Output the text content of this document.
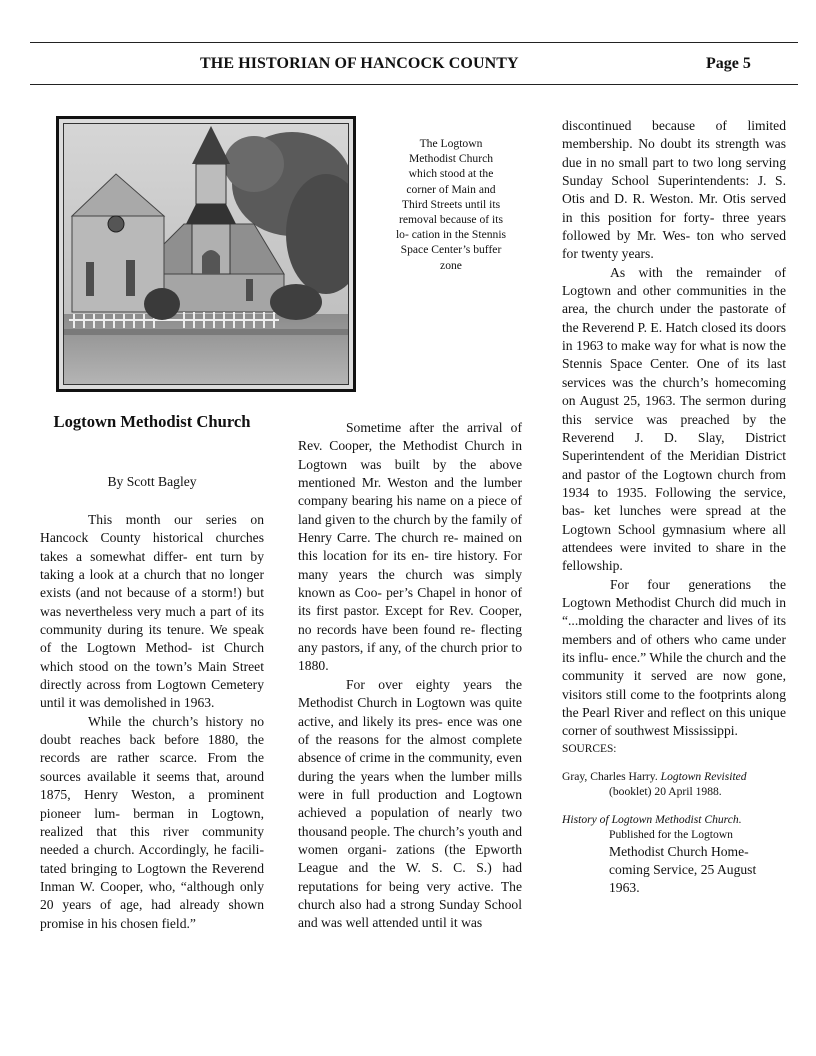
THE HISTORIAN OF HANCOCK COUNTY	Page 5
The Logtown Methodist Church which stood at the corner of Main and Third Streets until its removal because of its lo- cation in the Stennis Space Center’s buffer zone
Logtown Methodist Church
By Scott Bagley

This month our series on Hancock County historical churches takes a somewhat differ- ent turn by taking a look at a church that no longer exists (and not because of a storm!) but was nevertheless very much a part of its community during its tenure. We speak of the Logtown Method- ist Church which stood on the town’s Main Street directly across from Logtown Cemetery until it was demolished in 1963.

While the church’s history no doubt reaches back before 1880, the records are rather scarce. From the sources available it seems that, around 1875, Henry Weston, a prominent pioneer lum- berman in Logtown, realized that this river community needed a church. Accordingly, he facili- tated bringing to Logtown the Reverend Inman W. Cooper, who, “although only 20 years of age, had already shown promise in his chosen field.”

Sometime after the arrival of Rev. Cooper, the Methodist Church in Logtown was built by the above mentioned Mr. Weston and the lumber company bearing his name on a piece of land given to the church by the family of Henry Carre. The church re- mained on this location for its en- tire history. For many years the church was simply known as Coo- per’s Chapel in honor of its first pastor. Except for Rev. Cooper, no records have been found re- flecting any pastors, if any, of the church prior to 1880.

For over eighty years the Methodist Church in Logtown was quite active, and likely its pres- ence was one of the reasons for the almost complete absence of crime in the community, even during the years when the lumber mills were in full production and Logtown achieved a population of nearly two thousand people. The church’s youth and women organi- zations (the Epworth League and the W. S. C. S.) had reputations for being very active. The church also had a strong Sunday School and was well attended until it was

discontinued because of limited membership. No doubt its strength was due in no small part to two long serving Sunday School Superintendents: J. S. Otis and D. R. Weston. Mr. Otis served in this position for forty- three years followed by Mr. Wes- ton who served for twenty years.

As with the remainder of Logtown and other communities in the area, the church under the pastorate of the Reverend P. E. Hatch closed its doors in 1963 to make way for what is now the Stennis Space Center. One of its last services was the church’s homecoming on August 25, 1963. The sermon during this service was preached by the Reverend J. D. Slay, District Superintendent of the Meridian District and pastor of the Logtown church from 1934 to 1935. Following the service, bas- ket lunches were spread at the Logtown School gymnasium where all attendees were invited to share in the fellowship.

For four generations the Logtown Methodist Church did much in “...molding the character and lives of its members and of others who came under its influ- ence.” While the church and the community it served are now gone, visitors still come to the footprints along the Pearl River and reflect on this unique corner of southwest Mississippi.

SOURCES:
Gray, Charles Harry. Logtown Revisited
(booklet) 20 April 1988.
History of Logtown Methodist Church.
Published for the Logtown
Methodist Church Home- coming Service, 25 August 1963.
